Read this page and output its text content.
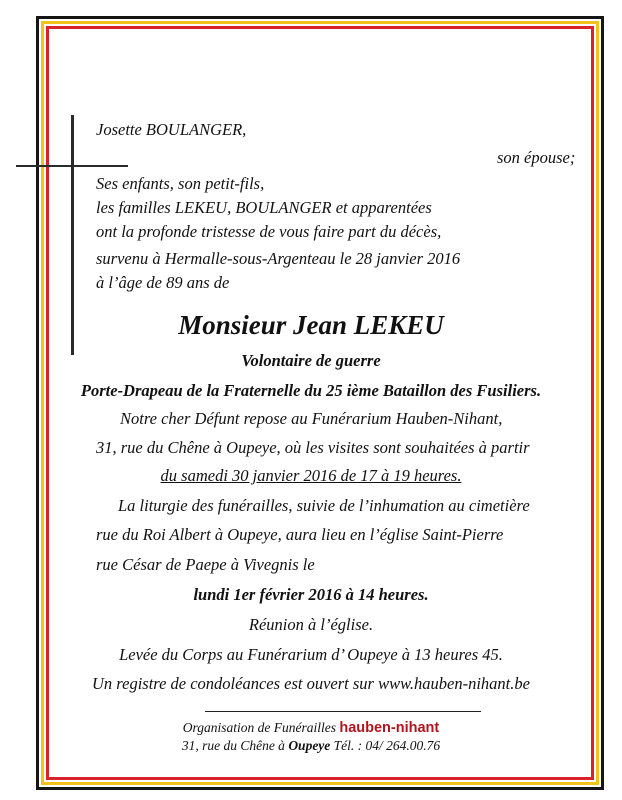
Josette BOULANGER,
son épouse;
Ses enfants, son petit-fils,
les familles LEKEU, BOULANGER et apparentées
ont la profonde tristesse de vous faire part du décès,
survenu à Hermalle-sous-Argenteau le 28 janvier 2016
à l’âge de 89 ans de
Monsieur Jean LEKEU
Volontaire de guerre
Porte-Drapeau de la Fraternelle du 25 ième Bataillon des Fusiliers.
Notre cher Défunt repose au Funérarium Hauben-Nihant,
31, rue du Chêne à Oupeye, où les visites sont souhaitées à partir
du samedi 30 janvier 2016 de 17 à 19 heures.
La liturgie des funérailles, suivie de l’inhumation au cimetière
rue du Roi Albert à Oupeye, aura lieu en l’église Saint-Pierre
rue César de Paepe à Vivegnis le
lundi 1er février 2016 à 14 heures.
Réunion à l’église.
Levée du Corps au Funérarium d’ Oupeye à 13 heures 45.
Un registre de condoléances est ouvert sur www.hauben-nihant.be
Organisation de Funérailles hauben-nihant
31, rue du Chêne à Oupeye Tél. : 04/ 264.00.76
